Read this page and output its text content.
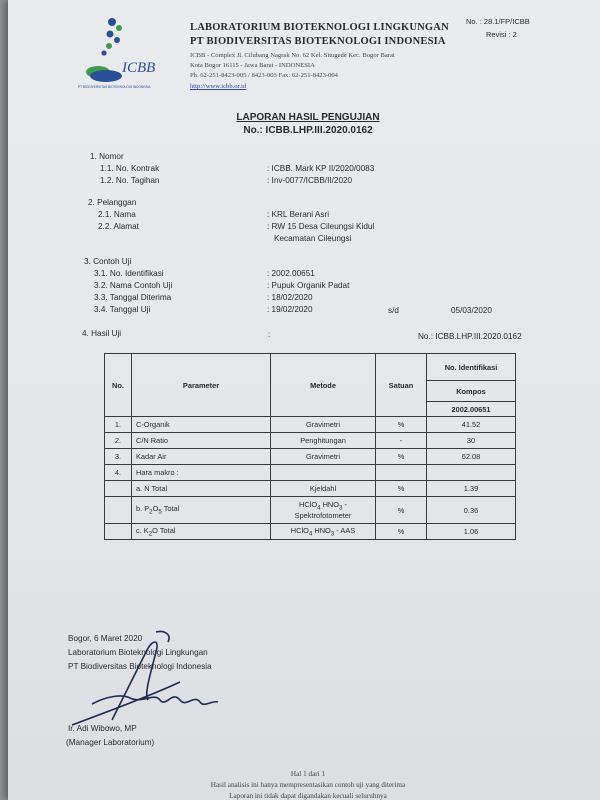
ICBB
PT BIODIVERSITAS BIOTEKNOLOGI INDONESIA
LABORATORIUM BIOTEKNOLOGI LINGKUNGAN
PT BIODIVERSITAS BIOTEKNOLOGI INDONESIA
ICBB - Complex Jl. Cilubang Nagrak No. 62 Kel. Situgede Kec. Bogor Barat
Kota Bogor 16115 - Jawa Barat - INDONESIA
Ph. 62-251-8423-005 / 8423-003 Fax: 62-251-8423-004
http://www.icbb.or.id
No. : 28.1/FP/ICBB
Revisi : 2
LAPORAN HASIL PENGUJIAN
No.: ICBB.LHP.III.2020.0162
1. Nomor
1.1. No. Kontrak	: ICBB. Mark KP II/2020/0083
1.2. No. Tagihan	: Inv-0077/ICBB/II/2020
2. Pelanggan
2.1. Nama	: KRL Berani Asri
2.2. Alamat	: RW 15 Desa Cileungsi Kidul
Kecamatan Cileungsi
3. Contoh Uji
3.1. No. Identifikasi	: 2002.00651
3.2. Nama Contoh Uji	: Pupuk Organik Padat
3.3. Tanggal Diterima	: 18/02/2020
3.4. Tanggal Uji	: 19/02/2020	s/d	05/03/2020
4. Hasil Uji	:	No.: ICBB.LHP.III.2020.0162
No.	Parameter	Metode	Satuan	No. Identifikasi
				Kompos
				2002.00651
1.	C-Organik	Gravimetri	%	41.52
2.	C/N Ratio	Penghitungan	-	30
3.	Kadar Air	Gravimetri	%	62.08
4.	Hara makro :			
	a. N Total	Kjeldahl	%	1.39
	b. $P_2O_5$ Total	HClO$_4$ $HNO_3$ -
Spektrofotometer	%	0.36
	c. $K_2O$ Total	HClO$_4$ $HNO_3$ - AAS	%	1.06
Bogor, 6 Maret 2020
Laboratorium Bioteknologi Lingkungan
PT Biodiversitas Bioteknologi Indonesia
Ir. Adi Wibowo, MP
(Manager Laboratorium)
Hal 1 dari 1
Hasil analisis ini hanya mempresentasikan contoh uji yang diterima
Laporan ini tidak dapat digandakan kecuali seluruhnya
